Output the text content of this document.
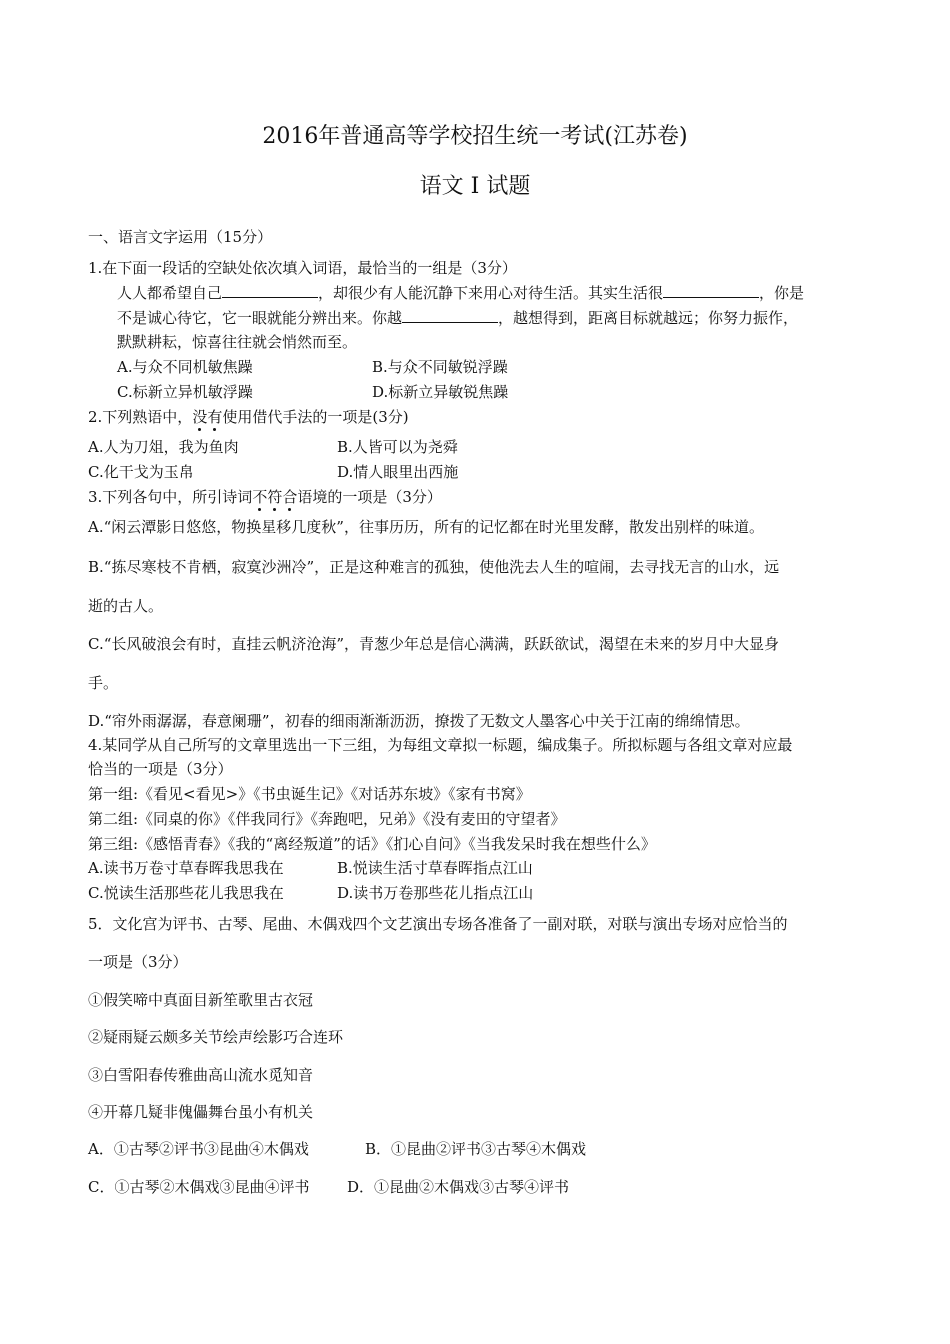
2016年普通高等学校招生统一考试(江苏卷)
语文 I 试题
一、语言文字运用（15分）
1.在下面一段话的空缺处依次填入词语，最恰当的一组是（3分）
人人都希望自己	，却很少有人能沉静下来用心对待生活。其实生活很	，你是
不是诚心待它，它一眼就能分辨出来。你越	，越想得到，距离目标就越远；你努力振作，
默默耕耘，惊喜往往就会悄然而至。
A.与众不同机敏焦躁	B.与众不同敏锐浮躁
C.标新立异机敏浮躁	D.标新立异敏锐焦躁
2.下列熟语中，没有使用借代手法的一项是(3分)
A.人为刀俎，我为鱼肉	B.人皆可以为尧舜
C.化干戈为玉帛	D.情人眼里出西施
3.下列各句中，所引诗词不符合语境的一项是（3分）
A.“闲云潭影日悠悠，物换星移几度秋”，往事历历，所有的记忆都在时光里发酵，散发出别样的味道。
B.“拣尽寒枝不肯栖，寂寞沙洲冷”，正是这种难言的孤独，使他洗去人生的喧闹，去寻找无言的山水，远
逝的古人。
C.“长风破浪会有时，直挂云帆济沧海”，青葱少年总是信心满满，跃跃欲试，渴望在未来的岁月中大显身
手。
D.“帘外雨潺潺，春意阑珊”，初春的细雨渐渐沥沥，撩拨了无数文人墨客心中关于江南的绵绵情思。
4.某同学从自己所写的文章里选出一下三组，为每组文章拟一标题，编成集子。所拟标题与各组文章对应最
恰当的一项是（3分）
第一组:《看见<看见>》《书虫诞生记》《对话苏东坡》《家有书窝》
第二组:《同桌的你》《伴我同行》《奔跑吧，兄弟》《没有麦田的守望者》
第三组:《感悟青春》《我的“离经叛道”的话》《扪心自问》《当我发呆时我在想些什么》
A.读书万卷寸草春晖我思我在	B.悦读生活寸草春晖指点江山
C.悦读生活那些花儿我思我在	D.读书万卷那些花儿指点江山
5．文化宫为评书、古琴、尾曲、木偶戏四个文艺演出专场各准备了一副对联，对联与演出专场对应恰当的
一项是（3分）
①假笑啼中真面目新笙歌里古衣冠
②疑雨疑云颇多关节绘声绘影巧合连环
③白雪阳春传雅曲高山流水觅知音
④开幕几疑非傀儡舞台虽小有机关
A．①古琴②评书③昆曲④木偶戏	B．①昆曲②评书③古琴④木偶戏
C．①古琴②木偶戏③昆曲④评书	D．①昆曲②木偶戏③古琴④评书
